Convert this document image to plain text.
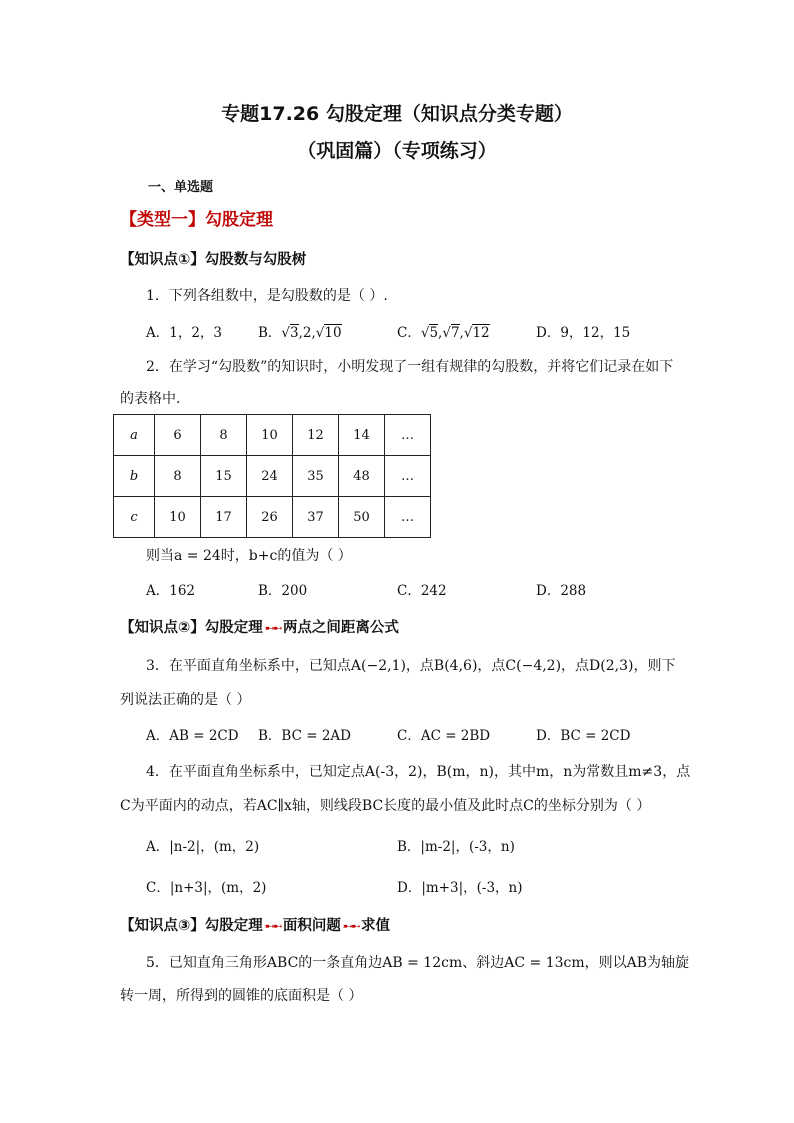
专题17.26 勾股定理（知识点分类专题）
（巩固篇）（专项练习）
一、单选题
【类型一】勾股定理
【知识点①】勾股数与勾股树
1．下列各组数中，是勾股数的是（ ）.
A．1，2，3	B．√3,2,√10	C．√5,√7,√12	D．9，12，15
2．在学习“勾股数”的知识时，小明发现了一组有规律的勾股数，并将它们记录在如下
的表格中．
a	6	8	10	12	14	…
b	8	15	24	35	48	…
c	10	17	26	37	50	…
则当a = 24时，b+c的值为（ ）
A．162	B．200	C．242	D．288
【知识点②】勾股定理 ➸➸ 两点之间距离公式
3．在平面直角坐标系中，已知点A(−2,1)，点B(4,6)，点C(−4,2)，点D(2,3)，则下
列说法正确的是（ ）
A．AB = 2CD B．BC = 2AD	C．AC = 2BD	D．BC = 2CD
4．在平面直角坐标系中，已知定点A(-3，2)，B(m，n)，其中m，n为常数且m≠3，点
C为平面内的动点，若AC∥x轴，则线段BC长度的最小值及此时点C的坐标分别为（ ）
A．|n-2|，(m，2)	B．|m-2|，(-3，n)
C．|n+3|，(m，2)	D．|m+3|，(-3，n)
【知识点③】勾股定理 ➸➸ 面积问题 ➸➸ 求值
5．已知直角三角形ABC的一条直角边AB = 12cm、斜边AC = 13cm，则以AB为轴旋
转一周，所得到的圆锥的底面积是（ ）
